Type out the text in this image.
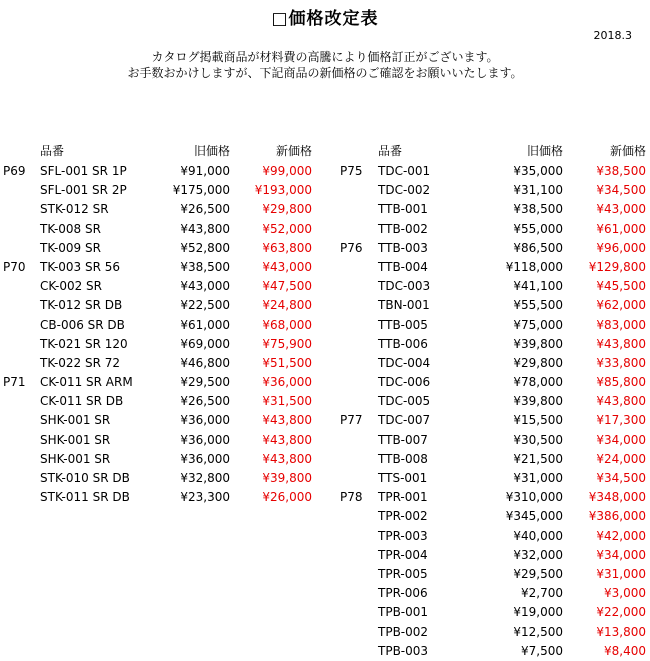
□価格改定表
2018.3
カタログ掲載商品が材料費の高騰により価格訂正がございます。
お手数おかけしますが、下記商品の新価格のご確認をお願いいたします。
品番	旧価格	新価格
P69 SFL-001 SR 1P	¥91,000	¥99,000
SFL-001 SR 2P	¥175,000 ¥193,000
STK-012 SR	¥26,500	¥29,800
TK-008 SR	¥43,800	¥52,000
TK-009 SR	¥52,800	¥63,800
P70 TK-003 SR 56	¥38,500	¥43,000
CK-002 SR	¥43,000	¥47,500
TK-012 SR DB	¥22,500	¥24,800
CB-006 SR DB	¥61,000	¥68,000
TK-021 SR 120	¥69,000	¥75,900
TK-022 SR 72	¥46,800	¥51,500
P71 CK-011 SR ARM	¥29,500	¥36,000
CK-011 SR DB	¥26,500	¥31,500
SHK-001 SR	¥36,000	¥43,800
SHK-001 SR	¥36,000	¥43,800
SHK-001 SR	¥36,000	¥43,800
STK-010 SR DB	¥32,800	¥39,800
STK-011 SR DB	¥23,300	¥26,000
品番	旧価格	新価格
P75 TDC-001	¥35,000	¥38,500
TDC-002	¥31,100	¥34,500
TTB-001	¥38,500	¥43,000
TTB-002	¥55,000	¥61,000
P76 TTB-003	¥86,500	¥96,000
TTB-004	¥118,000 ¥129,800
TDC-003	¥41,100	¥45,500
TBN-001	¥55,500	¥62,000
TTB-005	¥75,000	¥83,000
TTB-006	¥39,800	¥43,800
TDC-004	¥29,800	¥33,800
TDC-006	¥78,000	¥85,800
TDC-005	¥39,800	¥43,800
P77 TDC-007	¥15,500	¥17,300
TTB-007	¥30,500	¥34,000
TTB-008	¥21,500	¥24,000
TTS-001	¥31,000	¥34,500
P78 TPR-001	¥310,000 ¥348,000
TPR-002	¥345,000 ¥386,000
TPR-003	¥40,000	¥42,000
TPR-004	¥32,000	¥34,000
TPR-005	¥29,500	¥31,000
TPR-006	¥2,700	¥3,000
TPB-001	¥19,000	¥22,000
TPB-002	¥12,500	¥13,800
TPB-003	¥7,500	¥8,400
